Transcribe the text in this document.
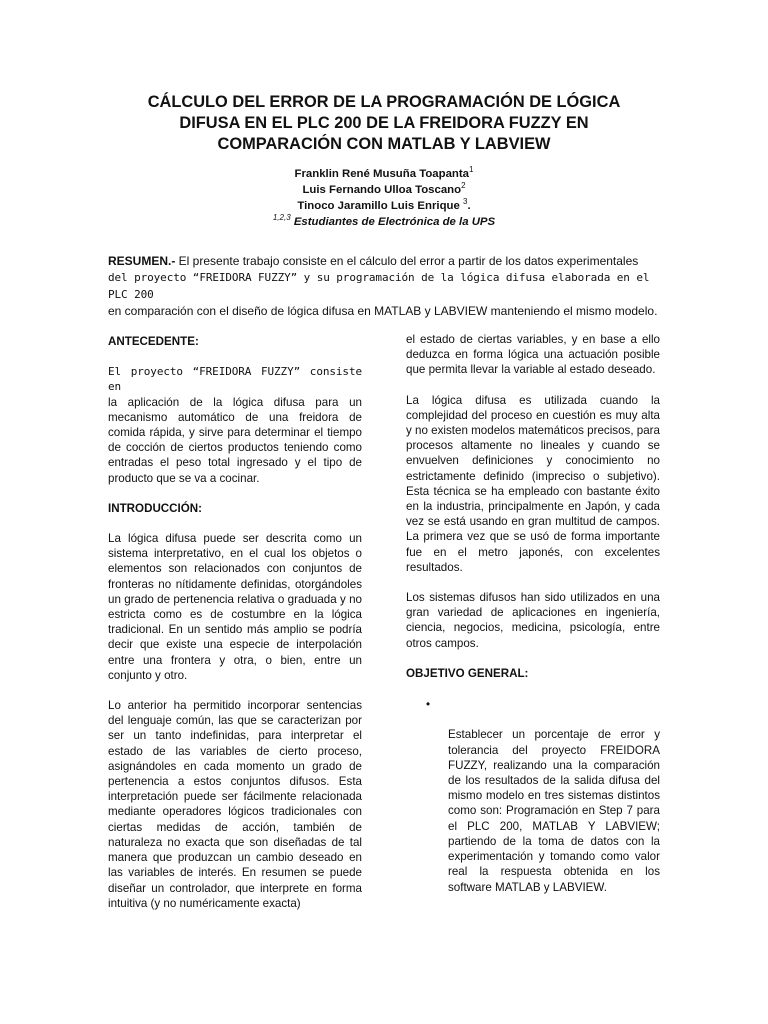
CÁLCULO DEL ERROR DE LA PROGRAMACIÓN DE LÓGICA
DIFUSA EN EL PLC 200 DE LA FREIDORA FUZZY EN
COMPARACIÓN CON MATLAB Y LABVIEW
Franklin René Musuña Toapanta$^1$
Luis Fernando Ulloa Toscano$^2$
Tinoco Jaramillo Luis Enrique $^3$.
$^{1,2,3}$ Estudiantes de Electrónica de la UPS
RESUMEN.- El presente trabajo consiste en el cálculo del error a partir de los datos experimentales
del proyecto “FREIDORA FUZZY” y su programación de la lógica difusa elaborada en el PLC 200
en comparación con el diseño de lógica difusa en MATLAB y LABVIEW manteniendo el mismo modelo.
ANTECEDENTE:

El proyecto “FREIDORA FUZZY” consiste en
la aplicación de la lógica difusa para un mecanismo automático de una freidora de comida rápida, y sirve para determinar el tiempo de cocción de ciertos productos teniendo como entradas el peso total ingresado y el tipo de producto que se va a cocinar.

INTRODUCCIÓN:

La lógica difusa puede ser descrita como un sistema interpretativo, en el cual los objetos o elementos son relacionados con conjuntos de fronteras no nítidamente definidas, otorgándoles un grado de pertenencia relativa o graduada y no estricta como es de costumbre en la lógica tradicional. En un sentido más amplio se podría decir que existe una especie de interpolación entre una frontera y otra, o bien, entre un conjunto y otro.

Lo anterior ha permitido incorporar sentencias del lenguaje común, las que se caracterizan por ser un tanto indefinidas, para interpretar el estado de las variables de cierto proceso, asignándoles en cada momento un grado de pertenencia a estos conjuntos difusos. Esta interpretación puede ser fácilmente relacionada mediante operadores lógicos tradicionales con ciertas medidas de acción, también de naturaleza no exacta que son diseñadas de tal manera que produzcan un cambio deseado en las variables de interés. En resumen se puede diseñar un controlador, que interprete en forma intuitiva (y no numéricamente exacta)

el estado de ciertas variables, y en base a ello deduzca en forma lógica una actuación posible que permita llevar la variable al estado deseado.

La lógica difusa es utilizada cuando la complejidad del proceso en cuestión es muy alta y no existen modelos matemáticos precisos, para procesos altamente no lineales y cuando se envuelven definiciones y conocimiento no estrictamente definido (impreciso o subjetivo). Esta técnica se ha empleado con bastante éxito en la industria, principalmente en Japón, y cada vez se está usando en gran multitud de campos. La primera vez que se usó de forma importante fue en el metro japonés, con excelentes resultados.

Los sistemas difusos han sido utilizados en una gran variedad de aplicaciones en ingeniería, ciencia, negocios, medicina, psicología, entre otros campos.

OBJETIVO GENERAL:

•

Establecer un porcentaje de error y tolerancia del proyecto FREIDORA FUZZY, realizando una la comparación de los resultados de la salida difusa del mismo modelo en tres sistemas distintos como son: Programación en Step 7 para el PLC 200, MATLAB Y LABVIEW; partiendo de la toma de datos con la experimentación y tomando como valor real la respuesta obtenida en los software MATLAB y LABVIEW.
